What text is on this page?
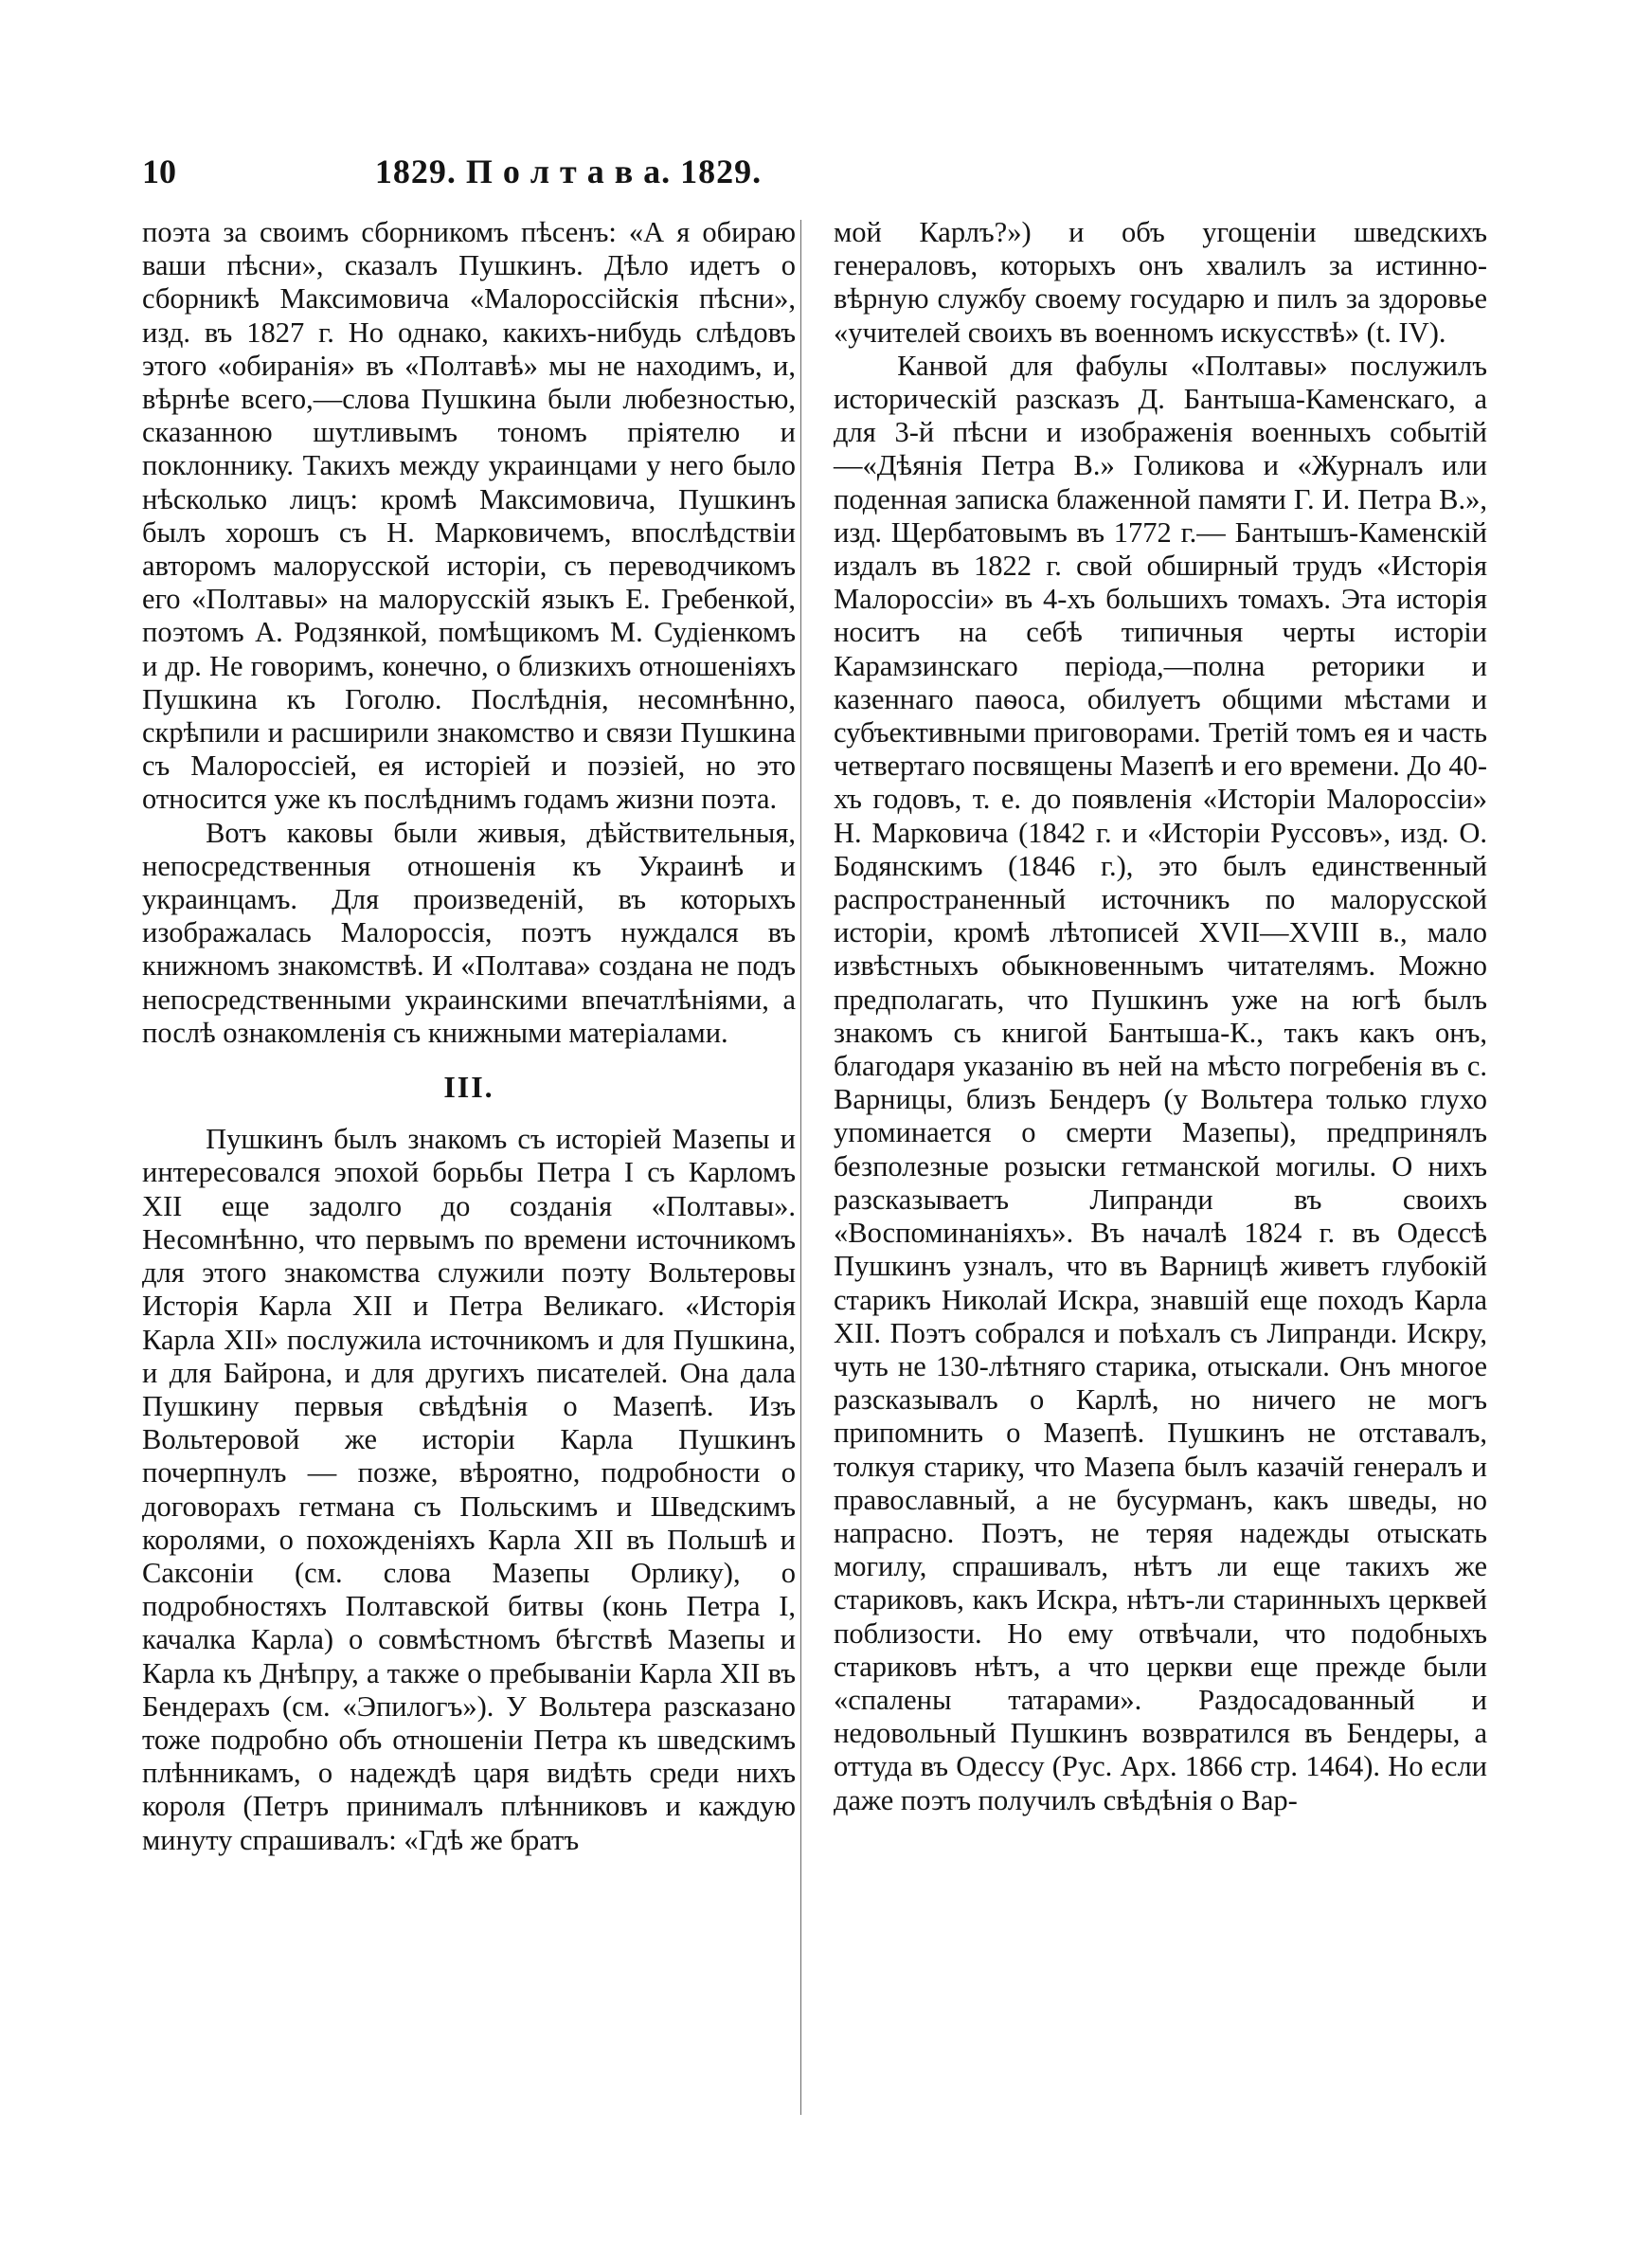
10	1829. П о л т а в а. 1829.

поэта за своимъ сборникомъ пѣсенъ: «А я обираю ваши пѣсни», сказалъ Пушкинъ. Дѣло идетъ о сборникѣ Максимовича «Малороссійскія пѣсни», изд. въ 1827 г. Но однако, какихъ-нибудь слѣдовъ этого «обиранія» въ «Полтавѣ» мы не находимъ, и, вѣрнѣе всего,—слова Пушкина были любезностью, сказанною шутливымъ тономъ пріятелю и поклоннику. Такихъ между украинцами у него было нѣсколько лицъ: кромѣ Максимовича, Пушкинъ былъ хорошъ съ Н. Марковичемъ, впослѣдствіи авторомъ малорусской исторіи, съ переводчикомъ его «Полтавы» на малорусскій языкъ Е. Гребенкой, поэтомъ А. Родзянкой, помѣщикомъ М. Судіенкомъ и др. Не говоримъ, конечно, о близкихъ отношеніяхъ Пушкина къ Гоголю. Послѣднія, несомнѣнно, скрѣпили и расширили знакомство и связи Пушкина съ Малороссіей, ея исторіей и поэзіей, но это относится уже къ послѣднимъ годамъ жизни поэта.

Вотъ каковы были живыя, дѣйствительныя, непосредственныя отношенія къ Украинѣ и украинцамъ. Для произведеній, въ которыхъ изображалась Малороссія, поэтъ нуждался въ книжномъ знакомствѣ. И «Полтава» создана не подъ непосредственными украинскими впечатлѣніями, а послѣ ознакомленія съ книжными матеріалами.

III.

Пушкинъ былъ знакомъ съ исторіей Мазепы и интересовался эпохой борьбы Петра I съ Карломъ XII еще задолго до созданія «Полтавы». Несомнѣнно, что первымъ по времени источникомъ для этого знакомства служили поэту Вольтеровы Исторія Карла XII и Петра Великаго. «Исторія Карла XII» послужила источникомъ и для Пушкина, и для Байрона, и для другихъ писателей. Она дала Пушкину первыя свѣдѣнія о Мазепѣ. Изъ Вольтеровой же исторіи Карла Пушкинъ почерпнулъ — позже, вѣроятно, подробности о договорахъ гетмана съ Польскимъ и Шведскимъ королями, о похожденіяхъ Карла XII въ Польшѣ и Саксоніи (см. слова Мазепы Орлику), о подробностяхъ Полтавской битвы (конь Петра I, качалка Карла) о совмѣстномъ бѣгствѣ Мазепы и Карла къ Днѣпру, а также о пребываніи Карла XII въ Бендерахъ (см. «Эпилогъ»). У Вольтера разсказано тоже подробно объ отношеніи Петра къ шведскимъ плѣнникамъ, о надеждѣ царя видѣть среди нихъ короля (Петръ принималъ плѣнниковъ и каждую минуту спрашивалъ: «Гдѣ же братъ

мой Карлъ?») и объ угощеніи шведскихъ генераловъ, которыхъ онъ хвалилъ за истинно-вѣрную службу своему государю и пилъ за здоровье «учителей своихъ въ военномъ искусствѣ» (t. IV).

Канвой для фабулы «Полтавы» послужилъ историческій разсказъ Д. Бантыша-Каменскаго, а для 3-й пѣсни и изображенія военныхъ событій—«Дѣянія Петра В.» Голикова и «Журналъ или поденная записка блаженной памяти Г. И. Петра В.», изд. Щербатовымъ въ 1772 г.— Бантышъ-Каменскій издалъ въ 1822 г. свой обширный трудъ «Исторія Малороссіи» въ 4-хъ большихъ томахъ. Эта исторія носитъ на себѣ типичныя черты исторіи Карамзинскаго періода,—полна реторики и казеннаго паѳоса, обилуетъ общими мѣстами и субъективными приговорами. Третій томъ ея и часть четвертаго посвящены Мазепѣ и его времени. До 40-хъ годовъ, т. е. до появленія «Исторіи Малороссіи» Н. Марковича (1842 г. и «Исторіи Руссовъ», изд. О. Бодянскимъ (1846 г.), это былъ единственный распространенный источникъ по малорусской исторіи, кромѣ лѣтописей XVII—XVIII в., мало извѣстныхъ обыкновеннымъ читателямъ. Можно предполагать, что Пушкинъ уже на югѣ былъ знакомъ съ книгой Бантыша-К., такъ какъ онъ, благодаря указанію въ ней на мѣсто погребенія въ с. Варницы, близъ Бендеръ (у Вольтера только глухо упоминается о смерти Мазепы), предпринялъ безполезные розыски гетманской могилы. О нихъ разсказываетъ Липранди въ своихъ «Воспоминаніяхъ». Въ началѣ 1824 г. въ Одессѣ Пушкинъ узналъ, что въ Варницѣ живетъ глубокій старикъ Николай Искра, знавшій еще походъ Карла XII. Поэтъ собрался и поѣхалъ съ Липранди. Искру, чуть не 130-лѣтняго старика, отыскали. Онъ многое разсказывалъ о Карлѣ, но ничего не могъ припомнить о Мазепѣ. Пушкинъ не отставалъ, толкуя старику, что Мазепа былъ казачій генералъ и православный, а не бусурманъ, какъ шведы, но напрасно. Поэтъ, не теряя надежды отыскать могилу, спрашивалъ, нѣтъ ли еще такихъ же стариковъ, какъ Искра, нѣтъ-ли старинныхъ церквей поблизости. Но ему отвѣчали, что подобныхъ стариковъ нѣтъ, а что церкви еще прежде были «спалены татарами». Раздосадованный и недовольный Пушкинъ возвратился въ Бендеры, а оттуда въ Одессу (Рус. Арх. 1866 стр. 1464). Но если даже поэтъ получилъ свѣдѣнія о Вар-
